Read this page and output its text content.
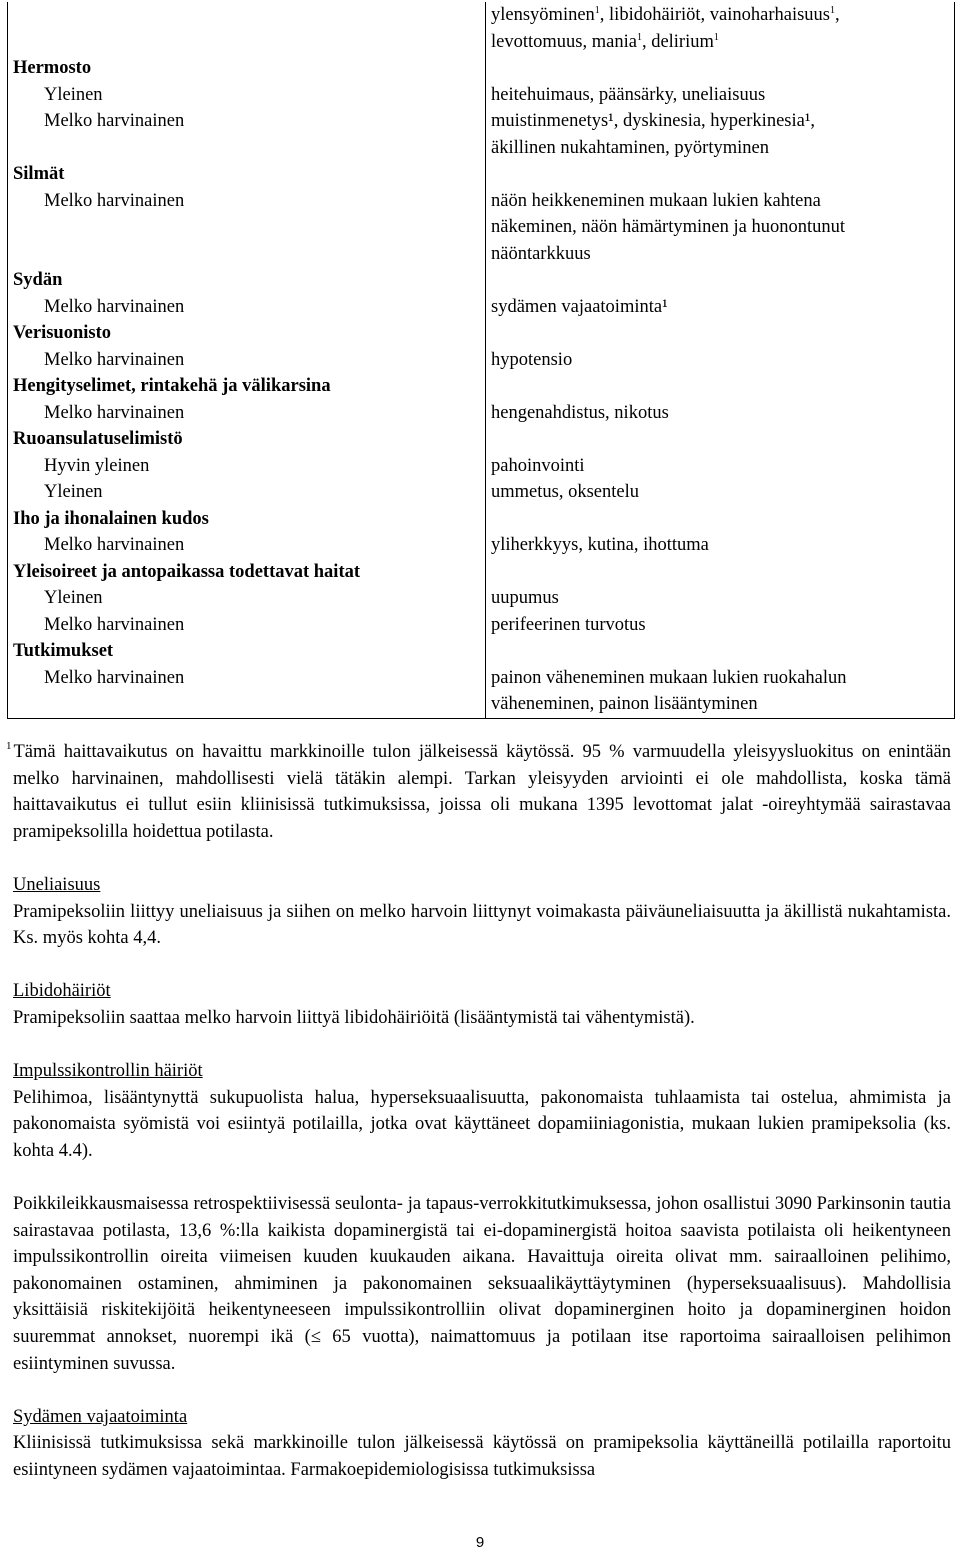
ylensyöminen$^1$, libidohäiriöt, vainoharhaisuus$^1$,
levottomuus, mania$^1$, delirium$^1$
Hermosto
Yleinen	heitehuimaus, päänsärky, uneliaisuus
Melko harvinainen	muistinmenetys¹, dyskinesia, hyperkinesia¹,
äkillinen nukahtaminen, pyörtyminen
Silmät
Melko harvinainen	näön heikkeneminen mukaan lukien kahtena
näkeminen, näön hämärtyminen ja huonontunut
näöntarkkuus
Sydän
Melko harvinainen	sydämen vajaatoiminta¹
Verisuonisto
Melko harvinainen	hypotensio
Hengityselimet, rintakehä ja välikarsina
Melko harvinainen	hengenahdistus, nikotus
Ruoansulatuselimistö
Hyvin yleinen	pahoinvointi
Yleinen	ummetus, oksentelu
Iho ja ihonalainen kudos
Melko harvinainen	yliherkkyys, kutina, ihottuma
Yleisoireet ja antopaikassa todettavat haitat
Yleinen	uupumus
Melko harvinainen	perifeerinen turvotus
Tutkimukset
Melko harvinainen	painon väheneminen mukaan lukien ruokahalun
väheneminen, painon lisääntyminen

$^1$ Tämä haittavaikutus on havaittu markkinoille tulon jälkeisessä käytössä. 95 % varmuudella yleisyysluokitus on enintään melko harvinainen, mahdollisesti vielä tätäkin alempi. Tarkan yleisyyden arviointi ei ole mahdollista, koska tämä haittavaikutus ei tullut esiin kliinisissä tutkimuksissa, joissa oli mukana 1395 levottomat jalat -oireyhtymää sairastavaa pramipeksolilla hoidettua potilasta.

Uneliaisuus
Pramipeksoliin liittyy uneliaisuus ja siihen on melko harvoin liittynyt voimakasta päiväuneliaisuutta ja äkillistä nukahtamista. Ks. myös kohta 4,4.

Libidohäiriöt
Pramipeksoliin saattaa melko harvoin liittyä libidohäiriöitä (lisääntymistä tai vähentymistä).

Impulssikontrollin häiriöt
Pelihimoa, lisääntynyttä sukupuolista halua, hyperseksuaalisuutta, pakonomaista tuhlaamista tai ostelua, ahmimista ja pakonomaista syömistä voi esiintyä potilailla, jotka ovat käyttäneet dopamiiniagonistia, mukaan lukien pramipeksolia (ks. kohta 4.4).

Poikkileikkausmaisessa retrospektiivisessä seulonta- ja tapaus-verrokkitutkimuksessa, johon osallistui 3090 Parkinsonin tautia sairastavaa potilasta, 13,6 %:lla kaikista dopaminergistä tai ei-dopaminergistä hoitoa saavista potilaista oli heikentyneen impulssikontrollin oireita viimeisen kuuden kuukauden aikana. Havaittuja oireita olivat mm. sairaalloinen pelihimo, pakonomainen ostaminen, ahmiminen ja pakonomainen seksuaalikäyttäytyminen (hyperseksuaalisuus). Mahdollisia yksittäisiä riskitekijöitä heikentyneeseen impulssikontrolliin olivat dopaminerginen hoito ja dopaminerginen hoidon suuremmat annokset, nuorempi ikä (≤ 65 vuotta), naimattomuus ja potilaan itse raportoima sairaalloisen pelihimon esiintyminen suvussa.

Sydämen vajaatoiminta
Kliinisissä tutkimuksissa sekä markkinoille tulon jälkeisessä käytössä on pramipeksolia käyttäneillä potilailla raportoitu esiintyneen sydämen vajaatoimintaa. Farmakoepidemiologisissa tutkimuksissa

9
